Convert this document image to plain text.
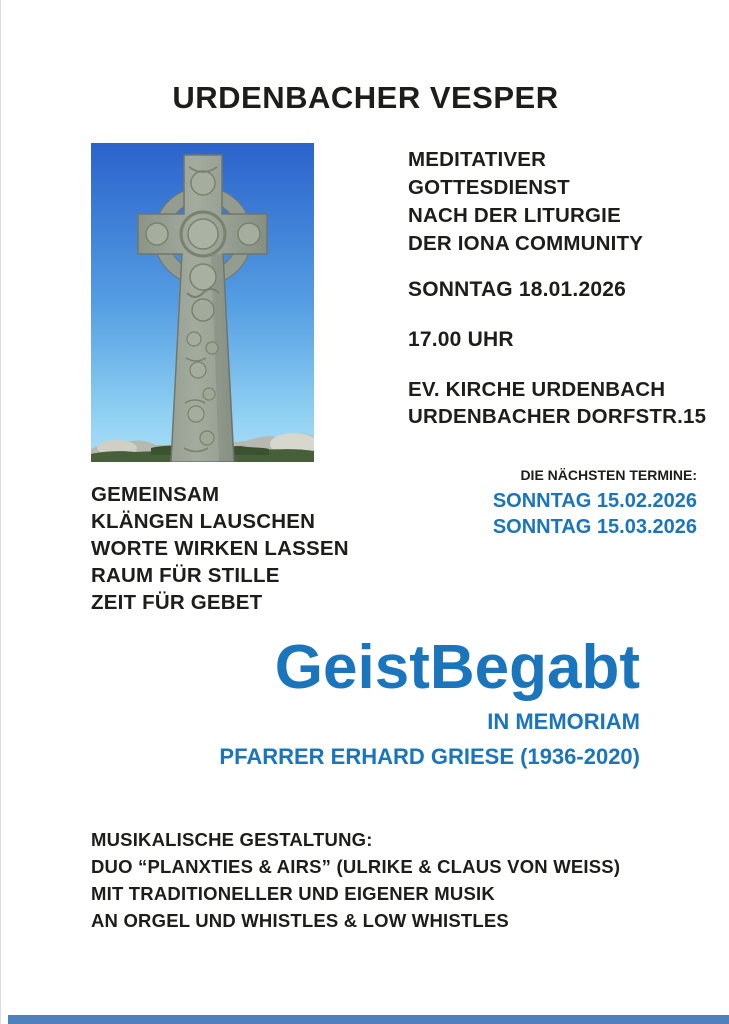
URDENBACHER VESPER
MEDITATIVER
GOTTESDIENST
NACH DER LITURGIE
DER IONA COMMUNITY
SONNTAG 18.01.2026
17.00 UHR
EV. KIRCHE URDENBACH
URDENBACHER DORFSTR.15
DIE NÄCHSTEN TERMINE:
SONNTAG 15.02.2026
SONNTAG 15.03.2026
GEMEINSAM
KLÄNGEN LAUSCHEN
WORTE WIRKEN LASSEN
RAUM FÜR STILLE
ZEIT FÜR GEBET
GeistBegabt
IN MEMORIAM
PFARRER ERHARD GRIESE (1936-2020)
MUSIKALISCHE GESTALTUNG:
DUO “PLANXTIES & AIRS” (ULRIKE & CLAUS VON WEISS)
MIT TRADITIONELLER UND EIGENER MUSIK
AN ORGEL UND WHISTLES & LOW WHISTLES
